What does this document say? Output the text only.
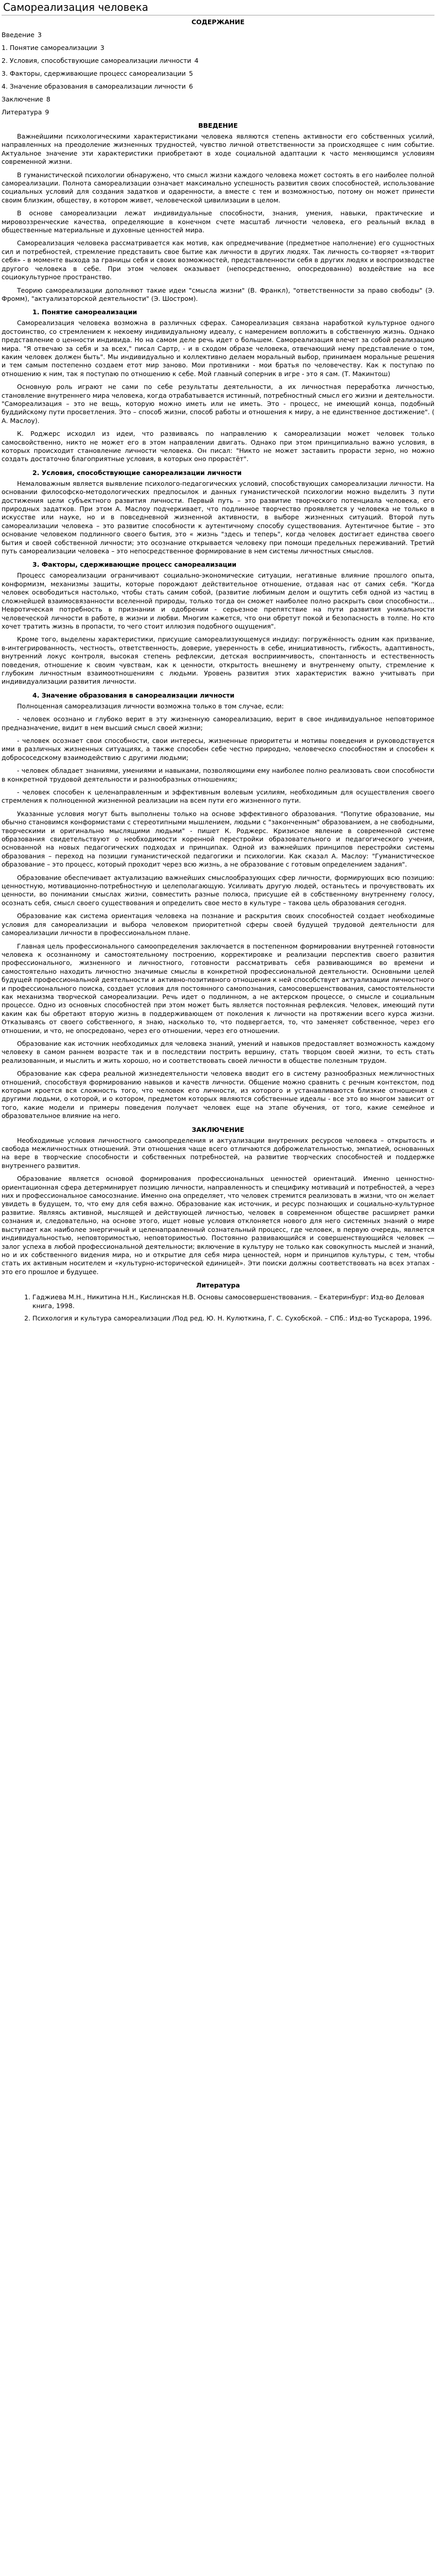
Самореализация человека
СОДЕРЖАНИЕ
Введение 3
1. Понятие самореализации 3
2. Условия, способствующие самореализации личности 4
3. Факторы, сдерживающие процесс самореализации 5
4. Значение образования в самореализации личности 6
Заключение 8
Литература 9
ВВЕДЕНИЕ

Важнейшими психологическими характеристиками человека являются степень активности его собственных усилий, направленных на преодоление жизненных трудностей, чувство личной ответственности за происходящее с ним событие. Актуальное значение эти характеристики приобретают в ходе социальной адаптации к часто меняющимся условиям современной жизни.

В гуманистической психологии обнаружено, что смысл жизни каждого человека может состоять в его наиболее полной самореализации. Полнота самореализации означает максимально успешность развития своих способностей, использование социальных условий для создания задатков и одаренности, а вместе с тем и возможностью, потому он может принести своим близким, обществу, в котором живет, человеческой цивилизации в целом.

В основе самореализации лежат индивидуальные способности, знания, умения, навыки, практические и мировоззренческие качества, определяющие в конечном счете масштаб личности человека, его реальный вклад в общественные материальные и духовные ценностей мира.

Самореализация человека рассматривается как мотив, как опредмечивание (предметное наполнение) его сущностных сил и потребностей, стремление представить свое бытие как личности в других людях. Так личность со-творяет «я-творит себя» - в моменте выхода за границы себя и своих возможностей, представленности себя в других людях и воспроизводстве другого человека в себе. При этом человек оказывает (непосредственно, опосредованно) воздействие на все социокультурное пространство.

Теорию самореализации дополняют такие идеи "смысла жизни" (В. Франкл), "ответственности за право свободы" (Э. Фромм), "актуализаторской деятельности" (Э. Шостром).

1. Понятие самореализации

Самореализация человека возможна в различных сферах. Самореализация связана наработкой культурное одного достоинство, со стремлением к некоему индивидуальному идеалу, с намерением вопложить в собственную жизнь. Однако представление о ценности индивида. Но на самом деле речь идет о большем. Самореализация влечет за собой реализацию мира. "Я отвечаю за себя и за всех," писал Сартр, - и в сходом образе человека, отвечающий нему представление о том, каким человек должен быть". Мы индивидуально и коллективно делаем моральный выбор, принимаем моральные решения и тем самым постепенно создаем етот мир заново. Мои противники - мои братья по человечеству. Как к поступаю по отношению к ним, так я поступаю по отношению к себе. Мой главный соперник в игре - это я сам. (Т. Макинтош)

Основную роль играют не сами по себе результаты деятельности, а их личностная переработка личностью, становление внутреннего мира человека, когда отрабатывается истинный, потребностный смысл его жизни и деятельности. "Самореализация – это не вещь, которую можно иметь или не иметь. Это - процесс, не имеющий конца, подобный буддийскому пути просветления. Это – способ жизни, способ работы и отношения к миру, а не единственное достижение". ( А. Маслоу).

К. Роджерс исходил из идеи, что развиваясь по направлению к самореализации может человек только самосвойственно, никто не может его в этом направлении двигать. Однако при этом принципиально важно условия, в которых происходит становление личности человека. Он писал: "Никто не может заставить прорасти зерно, но можно создать достаточно благоприятные условия, в которых оно прорастёт".

2. Условия, способствующие самореализации личности

Немаловажным является выявление психолого-педагогических условий, способствующих самореализации личности. На основании философско-методологических предпосылок и данных гуманистической психологии можно выделить 3 пути достижения цели субъектного развития личности. Первый путь – это развитие творческого потенциала человека, его природных задатков. При этом А. Маслоу подчеркивает, что подлинное творчество проявляется у человека не только в искусстве или науке, но и в повседневной жизненной активности, в выборе жизненных ситуаций. Второй путь самореализации человека – это развитие способности к аутентичному способу существования. Аутентичное бытие – это основание человеком подлинного своего бытия, это « жизнь "здесь и теперь", когда человек достигает единства своего бытия и своей собственной личности; это осознание открывается человеку при помощи предельных переживаний. Третий путь самореализации человека – это непосредственное формирование в нем системы личностных смыслов.

3. Факторы, сдерживающие процесс самореализации

Процесс самореализации ограничивают социально-экономические ситуации, негативные влияние прошлого опыта, конформизм, механизмы защиты, которые порождают действительное отношение, отдавая нас от самих себя. "Когда человек освободиться настолько, чтобы стать самим собой, (развитие любимым делом и ощутить себя одной из частиц в сложнейшей взаимосвязанности вселенной природы, только тогда он сможет наиболее полно раскрыть свои способности... Невротическая потребность в признании и одобрении - серьезное препятствие на пути развития уникальности человеческой личности в работе, в жизни и любви. Многим кажется, что они обретут покой и безопасность в толпе. Но кто хочет тратить жизнь в пропасти, то чего стоит иллюзия подобного ощущения".

Кроме того, выделены характеристики, присущие самореализующемуся индиду: погружённость одним как призвание, в-интегрированность, честность, ответственность, доверие, уверенность в себе, инициативность, гибкость, адаптивность, внутренний локус контроля, высокая степень рефлексии, детская восприимчивость, спонтанность и естественность поведения, отношение к своим чувствам, как к ценности, открытость внешнему и внутреннему опыту, стремление к глубоким личностным взаимоотношениям с людьми. Уровень развития этих характеристик важно учитывать при индивидуализации развития личности.

4. Значение образования в самореализации личности

Полноценная самореализация личности возможна только в том случае, если:

- человек осознано и глубоко верит в эту жизненную самореализацию, верит в свое индивидуальное неповторимое предназначение, видит в нем высший смысл своей жизни;

- человек осознает свои способности, свои интересы, жизненные приоритеты и мотивы поведения и руководствуется ими в различных жизненных ситуациях, а также способен себе честно природно, человеческо способностям и способен к добрососедскому взаимодействию с другими людьми;

- человек обладает знаниями, умениями и навыками, позволяющими ему наиболее полно реализовать свои способности в конкретной трудовой деятельности и разнообразных отношениях;

- человек способен к целенаправленным и эффективным волевым усилиям, необходимым для осуществления своего стремления к полноценной жизненной реализации на всем пути его жизненного пути.

Указанные условия могут быть выполнены только на основе эффективного образования. "Попутие образование, мы обычно становимся конформистами с стереотипными мышлением, людьми с "законченным" образованием, а не свободными, творческими и оригинально мыслящими людьми" - пишет К. Роджерс. Кризисное явление в современной системе образования свидетельствуют о необходимости коренной перестройки образовательного и педагогического учения, основанной на новых педагогических подходах и принципах. Одной из важнейших принципов перестройки системы образования – переход на позиции гуманистической педагогики и психологии. Как сказал А. Маслоу: "Гуманистическое образование – это процесс, который проходит через всю жизнь, а не образование с готовым определением задания".

Образование обеспечивает актуализацию важнейших смыслообразующих сфер личности, формирующих всю позицию: ценностную, мотивационно-потребностную и целеполагающую. Усиливать другую людей, останьтесь и прочувствовать их ценности, во понимании смыслах жизни, совместить разные полюса, присущие ей в собственному внутреннему голосу, осознать себя, смысл своего существования и определить свое место в культуре – такова цель образования сегодня.

Образование как система ориентация человека на познание и раскрытия своих способностей создает необходимые условия для самореализации и выбора человеком приоритетной сферы своей будущей трудовой деятельности для самореализации личности в профессиональном плане.

Главная цель профессионального самоопределения заключается в постепенном формировании внутренней готовности человека к осознанному и самостоятельному построению, корректировке и реализации перспектив своего развития профессионального, жизненного и личностного, готовности рассматривать себя развивающимся во времени и самостоятельно находить личностно значимые смыслы в конкретной профессиональной деятельности. Основными целей будущей профессиональной деятельности и активно-позитивного отношения к ней способствует актуализации личностного и профессионального поиска, создает условия для постоянного самопознания, самосовершенствования, самостоятельности как механизма творческой самореализации. Речь идет о подлинном, а не актерском процессе, о смысле и социальным процессе. Одно из основных способностей при этом может быть является постоянная рефлексия. Человек, имеющий пути каким как бы обретают вторую жизнь в поддерживающем от поколения к личности на протяжении всего курса жизни. Отказываясь от своего собственного, я знаю, насколько то, что подвергается, то, что заменяет собственное, через его отношении, и что, не опосредовано, через его отношении, через его отношении.

Образование как источник необходимых для человека знаний, умений и навыков предоставляет возможность каждому человеку в самом раннем возрасте так и в последствии пострить вершину, стать творцом своей жизни, то есть стать реализованным, и мыслить и жить хорошо, но и соответствовать своей личности в обществе полезным трудом.

Образование как сфера реальной жизнедеятельности человека вводит его в систему разнообразных межличностных отношений, способствуя формированию навыков и качеств личности. Общение можно сравнить с речным контекстом, под которым кроется вся сложность того, что человек его личности, из которого и устанавливаются близкие отношения с другими людьми, о которой, и о котором, предметом которых являются собственные идеалы - все это во многом зависит от того, какие модели и примеры поведения получает человек еще на этапе обучения, от того, какие семейное и образовательное влияние на него.

ЗАКЛЮЧЕНИЕ

Необходимые условия личностного самоопределения и актуализации внутренних ресурсов человека – открытость и свобода межличностных отношений. Эти отношения чаще всего отличаются доброжелательностью, эмпатией, основанных на вере в творческие способности и собственных потребностей, на развитие творческих способностей и поддержке внутреннего развития.

Образование является основой формирования профессиональных ценностей ориентаций. Именно ценностно-ориентационная сфера детерминирует позицию личности, направленность и специфику мотиваций и потребностей, а через них и профессиональное самосознание. Именно она определяет, что человек стремится реализовать в жизни, что он желает увидеть в будущем, то, что ему для себя важно. Образование как источник, и ресурс познающих и социально-культурное развитие. Являясь активной, мыслящей и действующей личностью, человек в современном обществе расширяет рамки сознания и, следовательно, на основе этого, ищет новые условия отклоняется нового для него системных знаний о мире выступает как наиболее энергичный и целенаправленный сознательный процесс, где человек, в первую очередь, является индивидуальностью, неповторимостью, неповторимостью. Постоянно развивающийся и совершенствующийся человек — залог успеха в любой профессиональной деятельности; включение в культуру не только как совокупность мыслей и знаний, но и их собственного видения мира, но и открытие для себя мира ценностей, норм и принципов культуры, с тем, чтобы стать их активным носителем и «культурно-исторической единицей». Эти поиски должны соответствовать на всех этапах - это его прошлое и будущее.

Литература
1. Гаджиева М.Н., Никитина Н.Н., Кислинская Н.В. Основы самосовершенствования. – Екатеринбург: Изд-во Деловая книга, 1998.
2. Психология и культура самореализации /Под ред. Ю. Н. Кулюткина, Г. С. Сухобской. – СПб.: Изд-во Тускарора, 1996.
